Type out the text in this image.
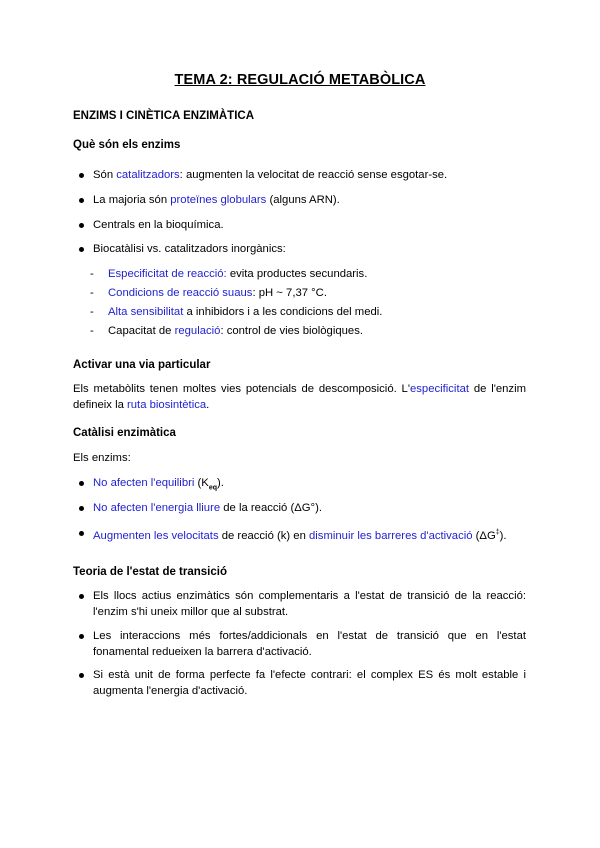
TEMA 2: REGULACIÓ METABÒLICA
ENZIMS I CINÈTICA ENZIMÀTICA
Què són els enzims
Són catalitzadors: augmenten la velocitat de reacció sense esgotar-se.
La majoria són proteïnes globulars (alguns ARN).
Centrals en la bioquímica.
Biocatàlisi vs. catalitzadors inorgànics:
- Especificitat de reacció: evita productes secundaris.
- Condicions de reacció suaus: pH ~ 7,37 °C.
- Alta sensibilitat a inhibidors i a les condicions del medi.
- Capacitat de regulació: control de vies biològiques.
Activar una via particular
Els metabòlits tenen moltes vies potencials de descomposició. L'especificitat de l'enzim defineix la ruta biosintètica.
Catàlisi enzimàtica
Els enzims:
No afecten l'equilibri $(K_{eq})$.
No afecten l'energia lliure de la reacció (ΔG°).
Augmenten les velocitats de reacció (k) en disminuir les barreres d'activació (ΔG‡).
Teoria de l'estat de transició
Els llocs actius enzimàtics són complementaris a l'estat de transició de la reacció: l'enzim s'hi uneix millor que al substrat.
Les interaccions més fortes/addicionals en l'estat de transició que en l'estat fonamental redueixen la barrera d'activació.
Si està unit de forma perfecte fa l'efecte contrari: el complex ES és molt estable i augmenta l'energia d'activació.
